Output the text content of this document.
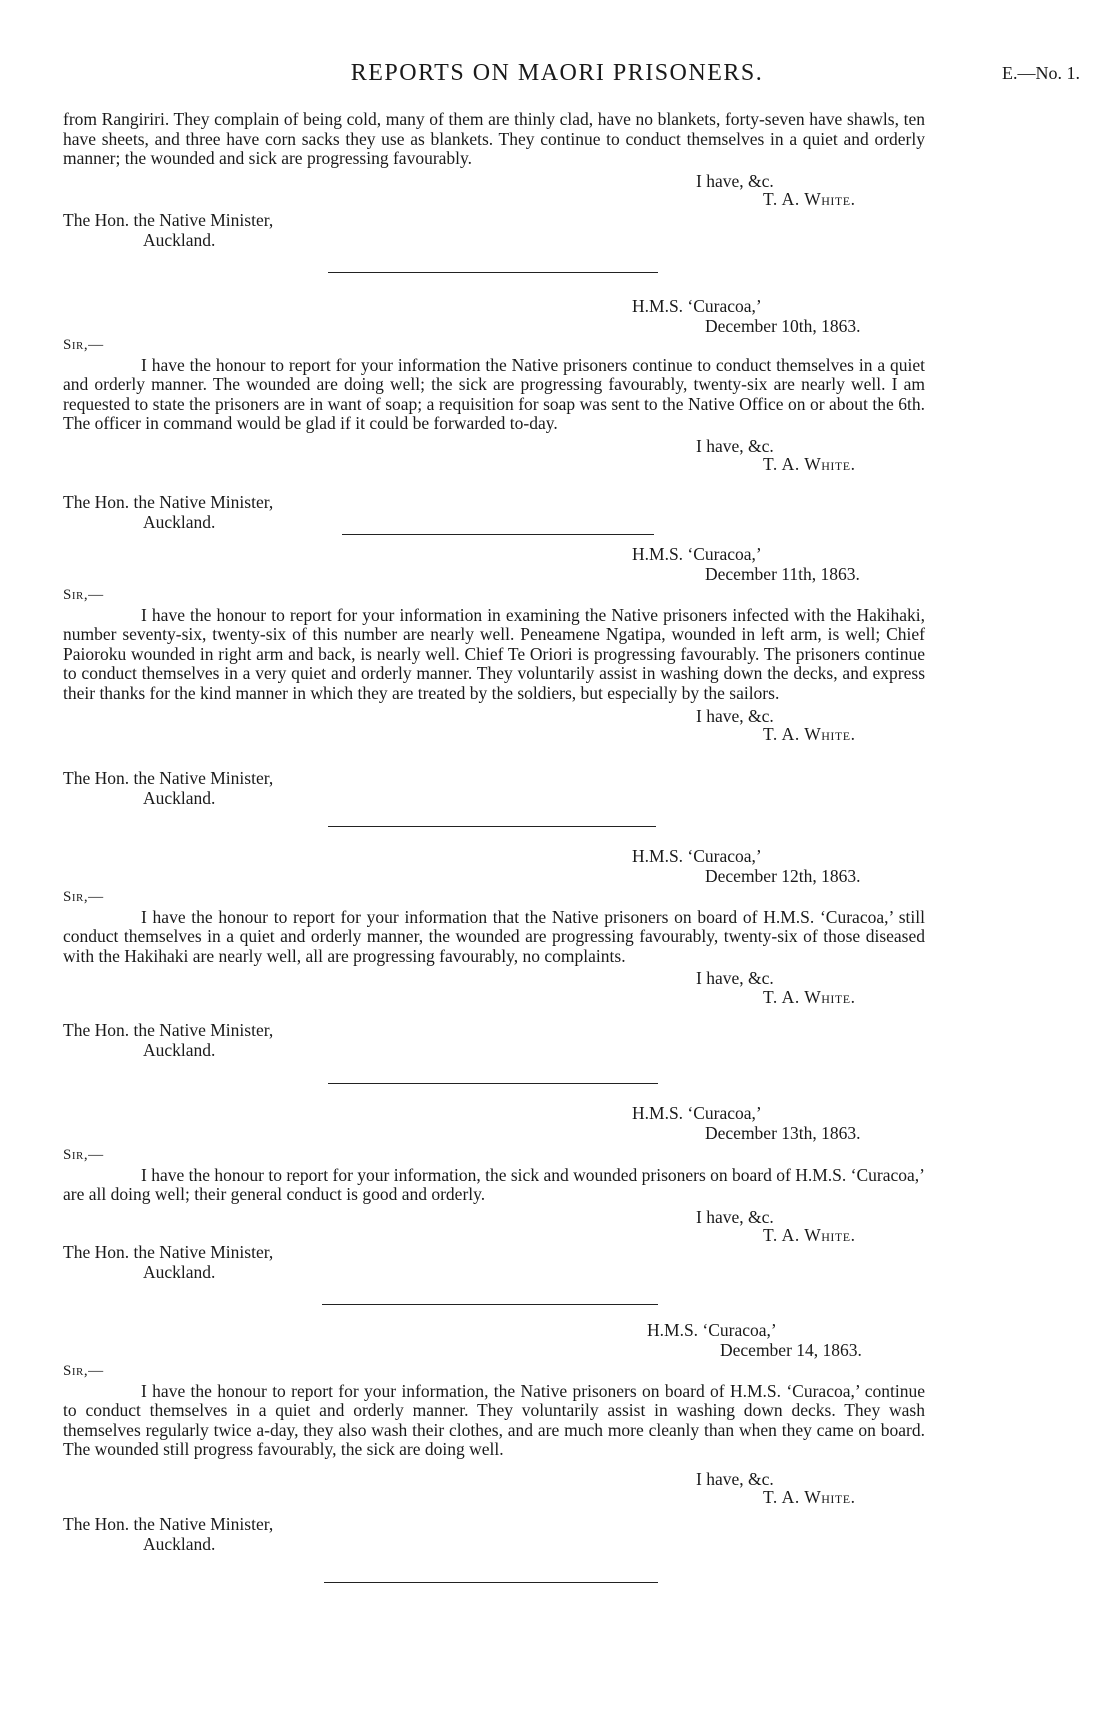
REPORTS ON MAORI PRISONERS.	E.—No. 1.
from Rangiriri. They complain of being cold, many of them are thinly clad, have no blankets, forty-seven have shawls, ten have sheets, and three have corn sacks they use as blankets. They continue to conduct themselves in a quiet and orderly manner; the wounded and sick are progressing favourably.
I have, &c.
T. A. White.
The Hon. the Native Minister,
Auckland.
H.M.S. ‘Curacoa,’
December 10th, 1863.
Sir,—
I have the honour to report for your information the Native prisoners continue to conduct themselves in a quiet and orderly manner. The wounded are doing well; the sick are progressing favourably, twenty-six are nearly well. I am requested to state the prisoners are in want of soap; a requisition for soap was sent to the Native Office on or about the 6th. The officer in command would be glad if it could be forwarded to-day.
I have, &c.
T. A. White.
The Hon. the Native Minister,
Auckland.
H.M.S. ‘Curacoa,’
December 11th, 1863.
Sir,—
I have the honour to report for your information in examining the Native prisoners infected with the Hakihaki, number seventy-six, twenty-six of this number are nearly well. Peneamene Ngatipa, wounded in left arm, is well; Chief Paioroku wounded in right arm and back, is nearly well. Chief Te Oriori is progressing favourably. The prisoners continue to conduct themselves in a very quiet and orderly manner. They voluntarily assist in washing down the decks, and express their thanks for the kind manner in which they are treated by the soldiers, but especially by the sailors.
I have, &c.
T. A. White.
The Hon. the Native Minister,
Auckland.
H.M.S. ‘Curacoa,’
December 12th, 1863.
Sir,—
I have the honour to report for your information that the Native prisoners on board of H.M.S. ‘Curacoa,’ still conduct themselves in a quiet and orderly manner, the wounded are progressing favourably, twenty-six of those diseased with the Hakihaki are nearly well, all are progressing favourably, no complaints.
I have, &c.
T. A. White.
The Hon. the Native Minister,
Auckland.
H.M.S. ‘Curacoa,’
December 13th, 1863.
Sir,—
I have the honour to report for your information, the sick and wounded prisoners on board of H.M.S. ‘Curacoa,’ are all doing well; their general conduct is good and orderly.
I have, &c.
T. A. White.
The Hon. the Native Minister,
Auckland.
H.M.S. ‘Curacoa,’
December 14, 1863.
Sir,—
I have the honour to report for your information, the Native prisoners on board of H.M.S. ‘Curacoa,’ continue to conduct themselves in a quiet and orderly manner. They voluntarily assist in washing down decks. They wash themselves regularly twice a-day, they also wash their clothes, and are much more cleanly than when they came on board. The wounded still progress favourably, the sick are doing well.
I have, &c.
T. A. White.
The Hon. the Native Minister,
Auckland.
